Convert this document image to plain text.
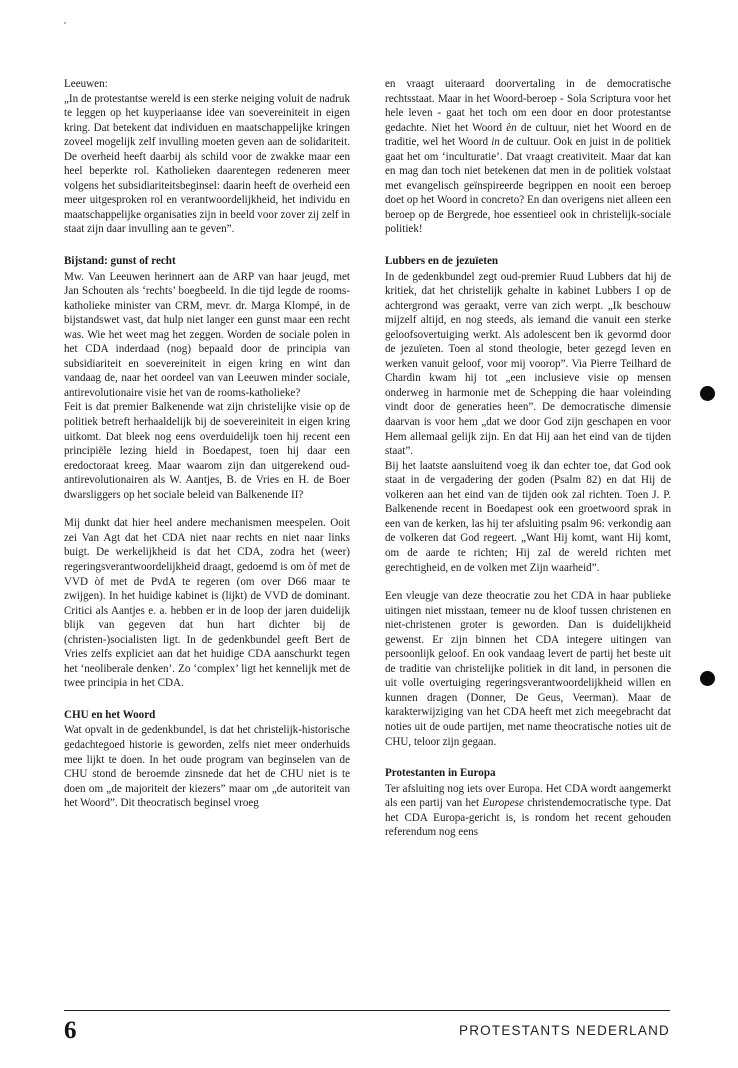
Leeuwen:

„In de protestantse wereld is een sterke neiging voluit de nadruk te leggen op het kuyperiaanse idee van soevereiniteit in eigen kring. Dat betekent dat individuen en maatschappelijke kringen zoveel mogelijk zelf invulling moeten geven aan de solidariteit. De overheid heeft daarbij als schild voor de zwakke maar een heel beperkte rol. Katholieken daarentegen redeneren meer volgens het subsidiariteitsbeginsel: daarin heeft de overheid een meer uitgesproken rol en verantwoordelijkheid, het individu en maatschappelijke organisaties zijn in beeld voor zover zij zelf in staat zijn daar invulling aan te geven”.

Bijstand: gunst of recht

Mw. Van Leeuwen herinnert aan de ARP van haar jeugd, met Jan Schouten als ‘rechts’ boegbeeld. In die tijd legde de rooms-katholieke minister van CRM, mevr. dr. Marga Klompé, in de bijstandswet vast, dat hulp niet langer een gunst maar een recht was. Wie het weet mag het zeggen. Worden de sociale polen in het CDA inderdaad (nog) bepaald door de principia van subsidiariteit en soevereiniteit in eigen kring en wint dan vandaag de, naar het oordeel van van Leeuwen minder sociale, antirevolutionaire visie het van de rooms-katholieke?

Feit is dat premier Balkenende wat zijn christelijke visie op de politiek betreft herhaaldelijk bij de soevereiniteit in eigen kring uitkomt. Dat bleek nog eens overduidelijk toen hij recent een principiële lezing hield in Boedapest, toen hij daar een eredoctoraat kreeg. Maar waarom zijn dan uitgerekend oud-antirevolutionairen als W. Aantjes, B. de Vries en H. de Boer dwarsliggers op het sociale beleid van Balkenende II?

Mij dunkt dat hier heel andere mechanismen meespelen. Ooit zei Van Agt dat het CDA niet naar rechts en niet naar links buigt. De werkelijkheid is dat het CDA, zodra het (weer) regeringsverantwoordelijkheid draagt, gedoemd is om òf met de VVD òf met de PvdA te regeren (om over D66 maar te zwijgen). In het huidige kabinet is (lijkt) de VVD de dominant. Critici als Aantjes e. a. hebben er in de loop der jaren duidelijk blijk van gegeven dat hun hart dichter bij de (christen-)socialisten ligt. In de gedenkbundel geeft Bert de Vries zelfs expliciet aan dat het huidige CDA aanschurkt tegen het ‘neoliberale denken’. Zo ‘complex’ ligt het kennelijk met de twee principia in het CDA.

CHU en het Woord

Wat opvalt in de gedenkbundel, is dat het christelijk-historische gedachtegoed historie is geworden, zelfs niet meer onderhuids mee lijkt te doen. In het oude program van beginselen van de CHU stond de beroemde zinsnede dat het de CHU niet is te doen om „de majoriteit der kiezers” maar om „de autoriteit van het Woord”. Dit theocratisch beginsel vroeg

en vraagt uiteraard doorvertaling in de democratische rechtsstaat. Maar in het Woord-beroep - Sola Scriptura voor het hele leven - gaat het toch om een door en door protestantse gedachte. Niet het Woord èn de cultuur, niet het Woord en de traditie, wel het Woord in de cultuur. Ook en juist in de politiek gaat het om ‘inculturatie’. Dat vraagt creativiteit. Maar dat kan en mag dan toch niet betekenen dat men in de politiek volstaat met evangelisch geïnspireerde begrippen en nooit een beroep doet op het Woord in concreto? En dan overigens niet alleen een beroep op de Bergrede, hoe essentieel ook in christelijk-sociale politiek!

Lubbers en de jezuïeten

In de gedenkbundel zegt oud-premier Ruud Lubbers dat hij de kritiek, dat het christelijk gehalte in kabinet Lubbers I op de achtergrond was geraakt, verre van zich werpt. „Ik beschouw mijzelf altijd, en nog steeds, als iemand die vanuit een sterke geloofsovertuiging werkt. Als adolescent ben ik gevormd door de jezuïeten. Toen al stond theologie, beter gezegd leven en werken vanuit geloof, voor mij voorop”. Via Pierre Teilhard de Chardin kwam hij tot „een inclusieve visie op mensen onderweg in harmonie met de Schepping die haar voleinding vindt door de generaties heen”. De democratische dimensie daarvan is voor hem „dat we door God zijn geschapen en voor Hem allemaal gelijk zijn. En dat Hij aan het eind van de tijden staat”.

Bij het laatste aansluitend voeg ik dan echter toe, dat God ook staat in de vergadering der goden (Psalm 82) en dat Hij de volkeren aan het eind van de tijden ook zal richten. Toen J. P. Balkenende recent in Boedapest ook een groetwoord sprak in een van de kerken, las hij ter afsluiting psalm 96: verkondig aan de volkeren dat God regeert. „Want Hij komt, want Hij komt, om de aarde te richten; Hij zal de wereld richten met gerechtigheid, en de volken met Zijn waarheid”.

Een vleugje van deze theocratie zou het CDA in haar publieke uitingen niet misstaan, temeer nu de kloof tussen christenen en niet-christenen groter is geworden. Dan is duidelijkheid gewenst. Er zijn binnen het CDA integere uitingen van persoonlijk geloof. En ook vandaag levert de partij het beste uit de traditie van christelijke politiek in dit land, in personen die uit volle overtuiging regeringsverantwoordelijkheid willen en kunnen dragen (Donner, De Geus, Veerman). Maar de karakterwijziging van het CDA heeft met zich meegebracht dat noties uit de oude partijen, met name theocratische noties uit de CHU, teloor zijn gegaan.

Protestanten in Europa

Ter afsluiting nog iets over Europa. Het CDA wordt aangemerkt als een partij van het Europese christendemocratische type. Dat het CDA Europa-gericht is, is rondom het recent gehouden referendum nog eens

6	PROTESTANTS NEDERLAND
